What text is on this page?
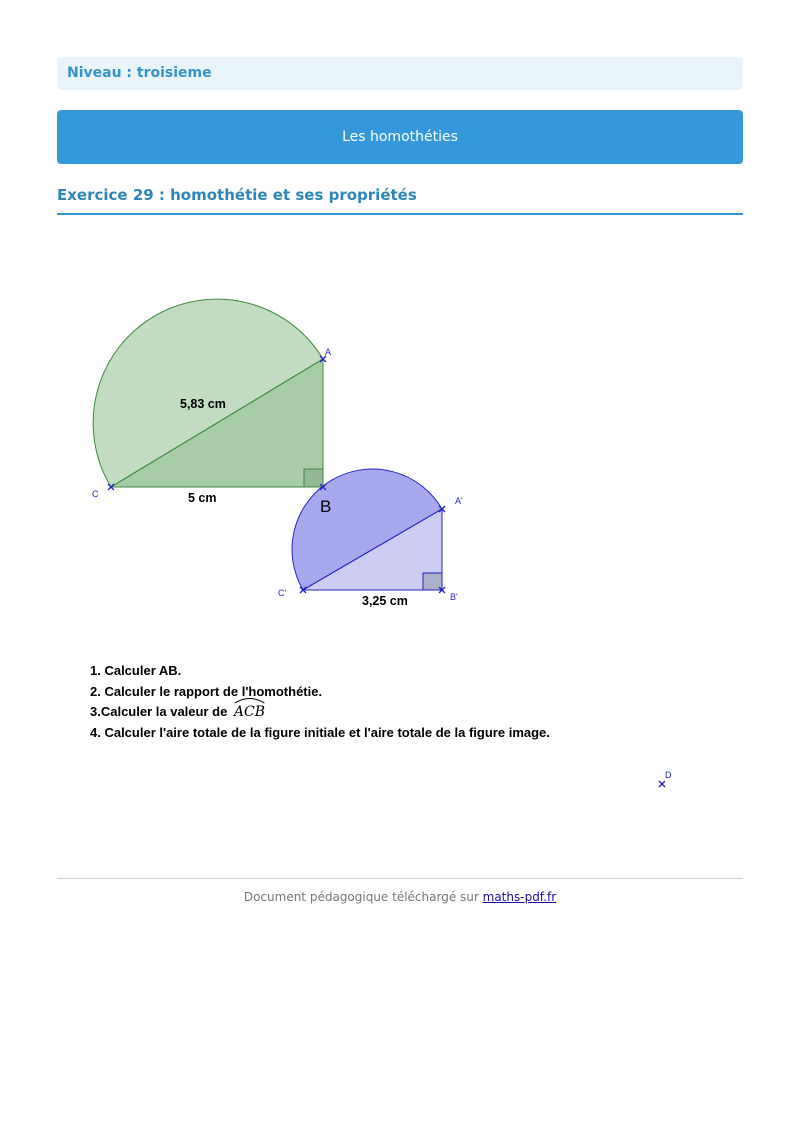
Niveau : troisieme
Les homothéties
Exercice 29 : homothétie et ses propriétés
A
C
B	A'
C'	B'
D
5,83 cm
5 cm
3,25 cm
1. Calculer AB.
2. Calculer le rapport de l'homothétie.
3.Calculer la valeur de
ACB
4. Calculer l'aire totale de la figure initiale et l'aire totale de la figure image.
Document pédagogique téléchargé sur maths-pdf.fr
